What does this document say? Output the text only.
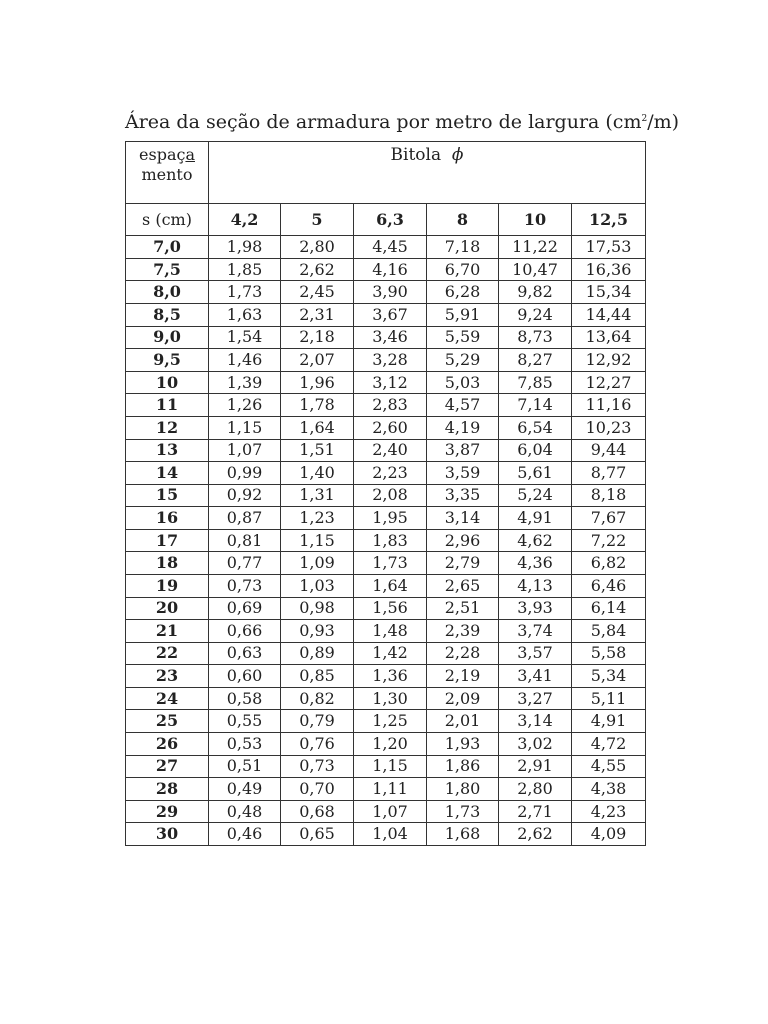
Área da seção de armadura por metro de largura $(cm^2/m)$
espaça
mento	Bitola ϕ					
s (cm)	4,2	5	6,3	8	10	12,5
7,0	1,98	2,80	4,45	7,18	11,22	17,53
7,5	1,85	2,62	4,16	6,70	10,47	16,36
8,0	1,73	2,45	3,90	6,28	9,82	15,34
8,5	1,63	2,31	3,67	5,91	9,24	14,44
9,0	1,54	2,18	3,46	5,59	8,73	13,64
9,5	1,46	2,07	3,28	5,29	8,27	12,92
10	1,39	1,96	3,12	5,03	7,85	12,27
11	1,26	1,78	2,83	4,57	7,14	11,16
12	1,15	1,64	2,60	4,19	6,54	10,23
13	1,07	1,51	2,40	3,87	6,04	9,44
14	0,99	1,40	2,23	3,59	5,61	8,77
15	0,92	1,31	2,08	3,35	5,24	8,18
16	0,87	1,23	1,95	3,14	4,91	7,67
17	0,81	1,15	1,83	2,96	4,62	7,22
18	0,77	1,09	1,73	2,79	4,36	6,82
19	0,73	1,03	1,64	2,65	4,13	6,46
20	0,69	0,98	1,56	2,51	3,93	6,14
21	0,66	0,93	1,48	2,39	3,74	5,84
22	0,63	0,89	1,42	2,28	3,57	5,58
23	0,60	0,85	1,36	2,19	3,41	5,34
24	0,58	0,82	1,30	2,09	3,27	5,11
25	0,55	0,79	1,25	2,01	3,14	4,91
26	0,53	0,76	1,20	1,93	3,02	4,72
27	0,51	0,73	1,15	1,86	2,91	4,55
28	0,49	0,70	1,11	1,80	2,80	4,38
29	0,48	0,68	1,07	1,73	2,71	4,23
30	0,46	0,65	1,04	1,68	2,62	4,09
